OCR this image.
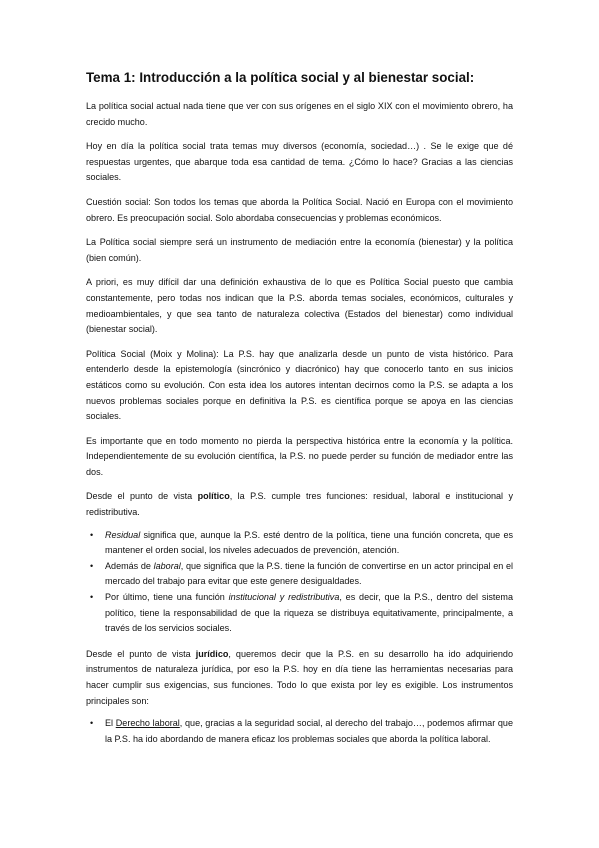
Tema 1: Introducción a la política social y al bienestar social:

La política social actual nada tiene que ver con sus orígenes en el siglo XIX con el movimiento obrero, ha crecido mucho.

Hoy en día la política social trata temas muy diversos (economía, sociedad…) . Se le exige que dé respuestas urgentes, que abarque toda esa cantidad de tema. ¿Cómo lo hace? Gracias a las ciencias sociales.

Cuestión social: Son todos los temas que aborda la Política Social. Nació en Europa con el movimiento obrero. Es preocupación social. Solo abordaba consecuencias y problemas económicos.

La Política social siempre será un instrumento de mediación entre la economía (bienestar) y la política (bien común).

A priori, es muy difícil dar una definición exhaustiva de lo que es Política Social puesto que cambia constantemente, pero todas nos indican que la P.S. aborda temas sociales, económicos, culturales y medioambientales, y que sea tanto de naturaleza colectiva (Estados del bienestar) como individual (bienestar social).

Política Social (Moix y Molina): La P.S. hay que analizarla desde un punto de vista histórico. Para entenderlo desde la epistemología (sincrónico y diacrónico) hay que conocerlo tanto en sus inicios estáticos como su evolución. Con esta idea los autores intentan decirnos como la P.S. se adapta a los nuevos problemas sociales porque en definitiva la P.S. es científica porque se apoya en las ciencias sociales.

Es importante que en todo momento no pierda la perspectiva histórica entre la economía y la política. Independientemente de su evolución científica, la P.S. no puede perder su función de mediador entre las dos.

Desde el punto de vista político, la P.S. cumple tres funciones: residual, laboral e institucional y redistributiva.

• Residual significa que, aunque la P.S. esté dentro de la política, tiene una función concreta, que es mantener el orden social, los niveles adecuados de prevención, atención.
• Además de laboral, que significa que la P.S. tiene la función de convertirse en un actor principal en el mercado del trabajo para evitar que este genere desigualdades.
• Por último, tiene una función institucional y redistributiva, es decir, que la P.S., dentro del sistema político, tiene la responsabilidad de que la riqueza se distribuya equitativamente, principalmente, a través de los servicios sociales.

Desde el punto de vista jurídico, queremos decir que la P.S. en su desarrollo ha ido adquiriendo instrumentos de naturaleza jurídica, por eso la P.S. hoy en día tiene las herramientas necesarias para hacer cumplir sus exigencias, sus funciones. Todo lo que exista por ley es exigible. Los instrumentos principales son:

• El Derecho laboral, que, gracias a la seguridad social, al derecho del trabajo…, podemos afirmar que la P.S. ha ido abordando de manera eficaz los problemas sociales que aborda la política laboral.
